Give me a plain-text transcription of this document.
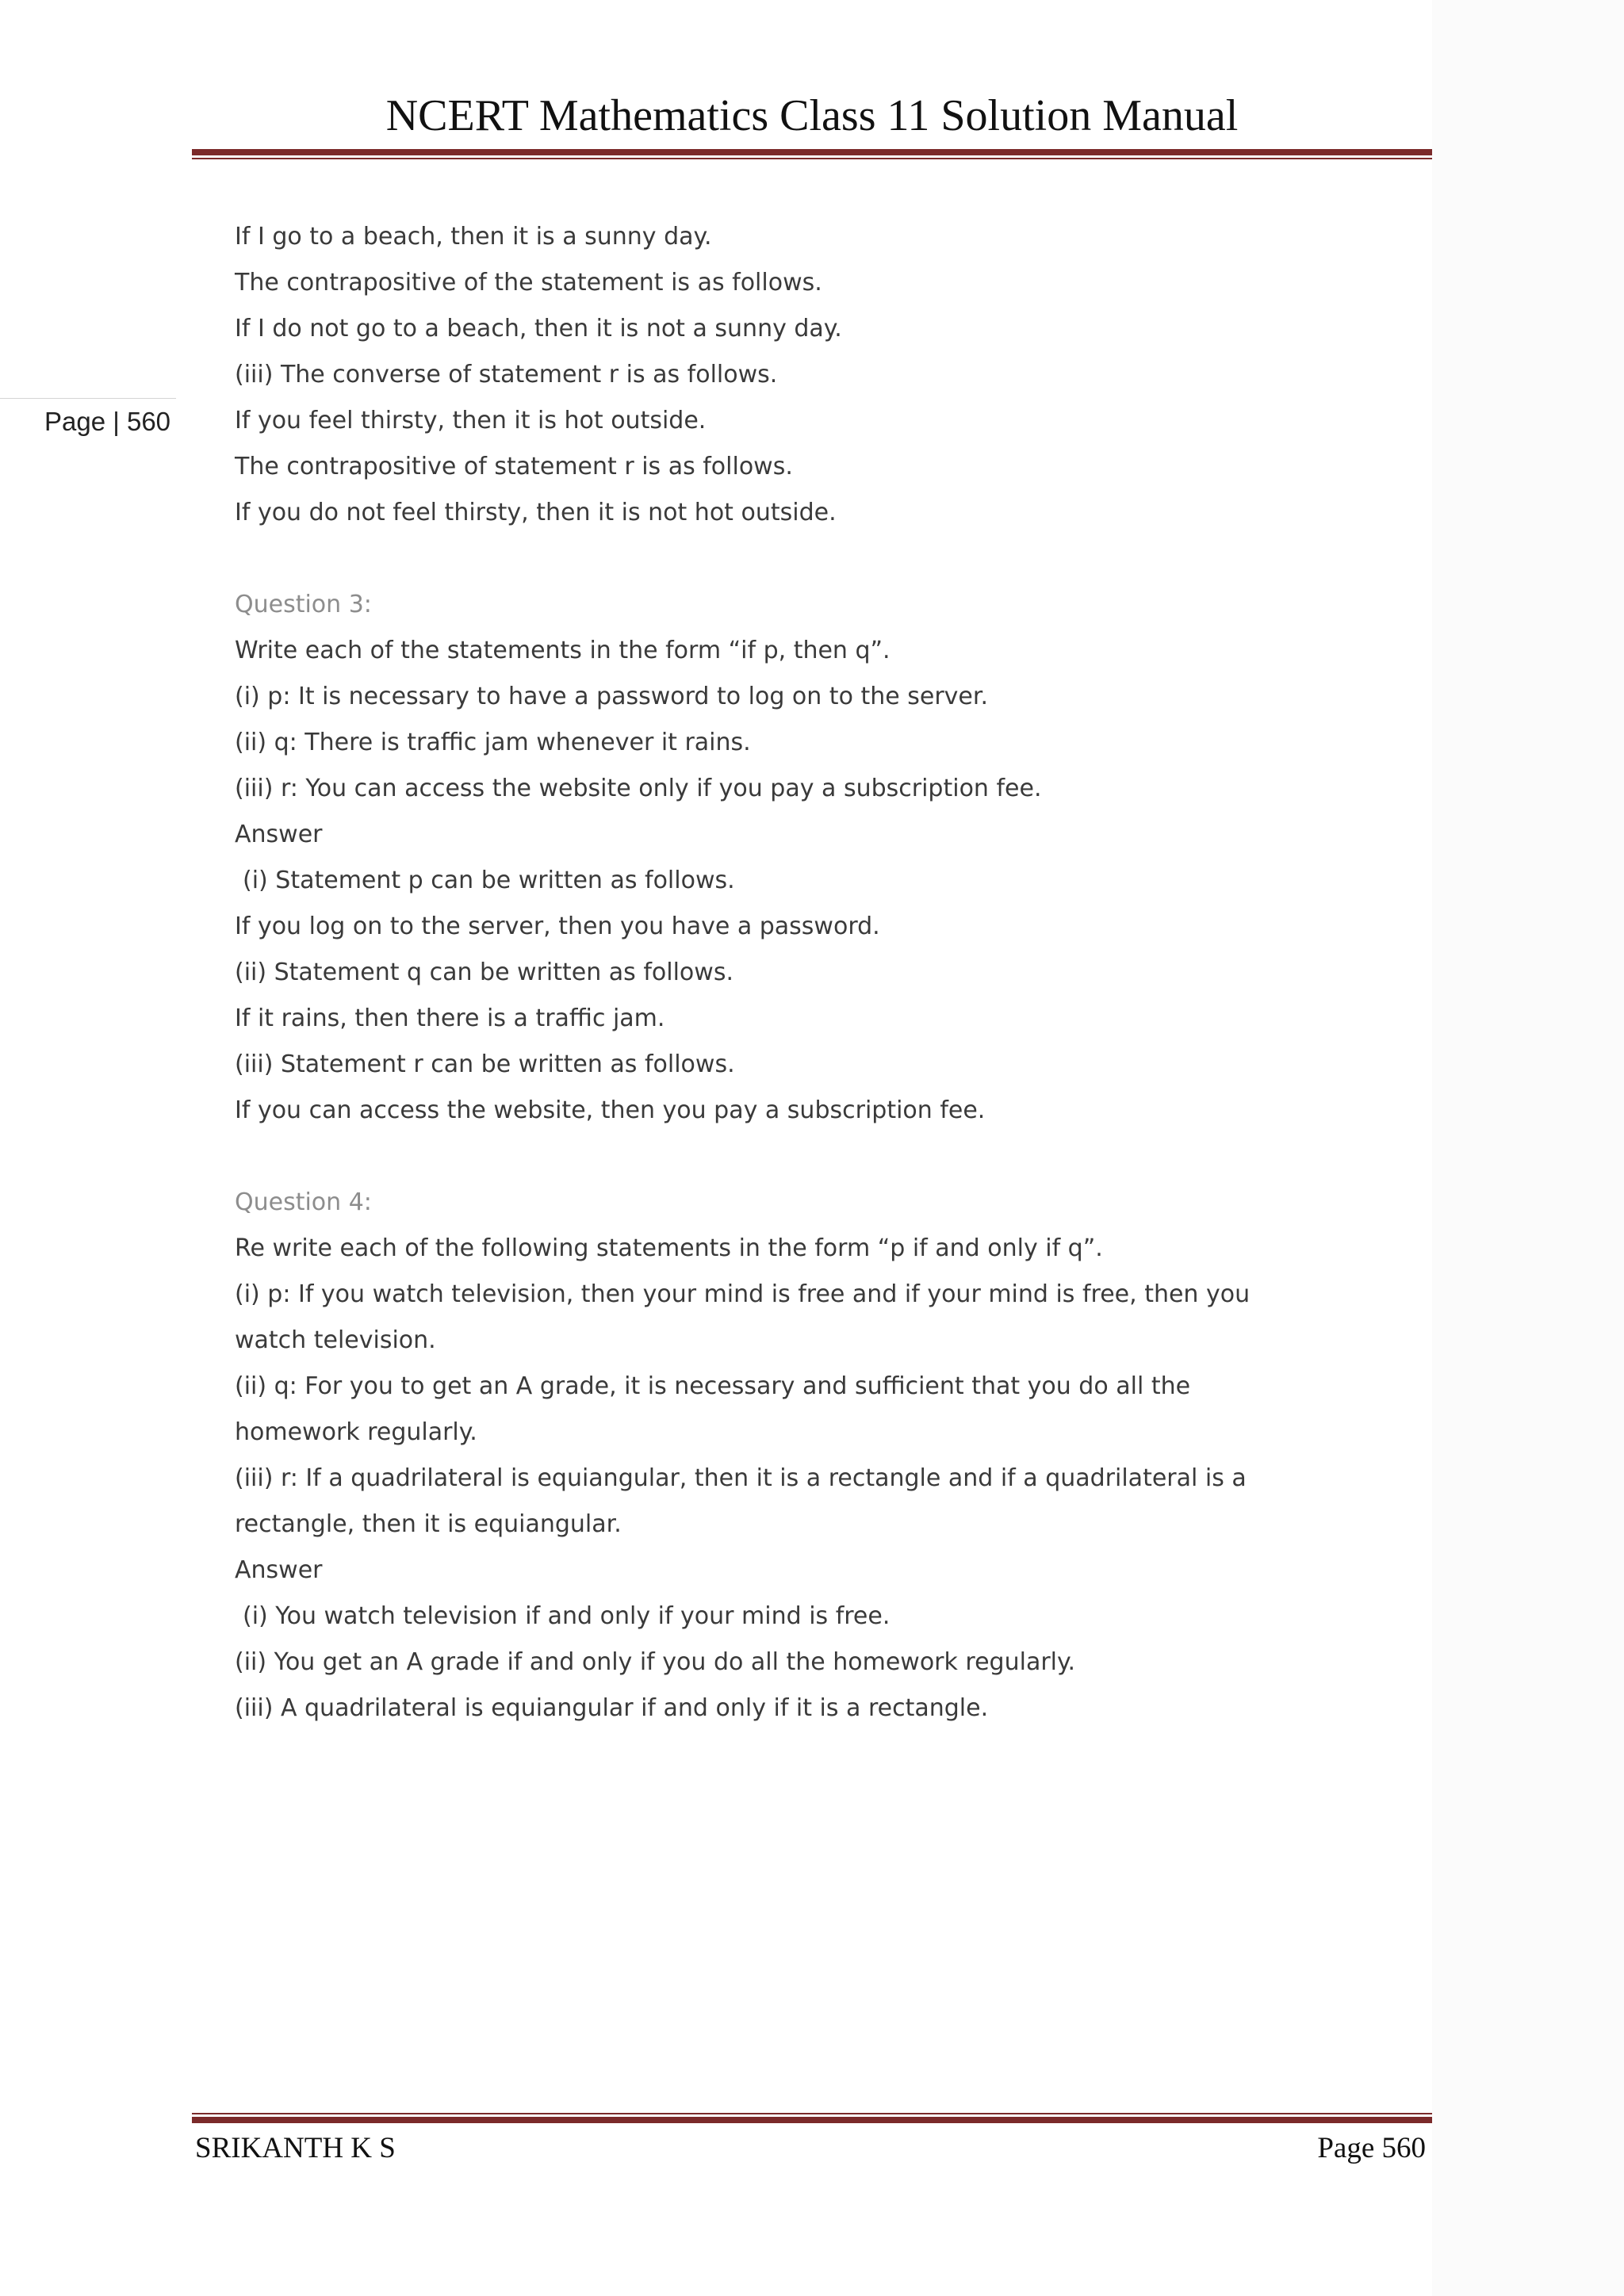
NCERT Mathematics Class 11 Solution Manual
Page | 560
If I go to a beach, then it is a sunny day.
The contrapositive of the statement is as follows.
If I do not go to a beach, then it is not a sunny day.
(iii) The converse of statement r is as follows.
If you feel thirsty, then it is hot outside.
The contrapositive of statement r is as follows.
If you do not feel thirsty, then it is not hot outside.
Question 3:
Write each of the statements in the form “if p, then q”.
(i) p: It is necessary to have a password to log on to the server.
(ii) q: There is traffic jam whenever it rains.
(iii) r: You can access the website only if you pay a subscription fee.
Answer
(i) Statement p can be written as follows.
If you log on to the server, then you have a password.
(ii) Statement q can be written as follows.
If it rains, then there is a traffic jam.
(iii) Statement r can be written as follows.
If you can access the website, then you pay a subscription fee.
Question 4:
Re write each of the following statements in the form “p if and only if q”.
(i) p: If you watch television, then your mind is free and if your mind is free, then you
watch television.
(ii) q: For you to get an A grade, it is necessary and sufficient that you do all the
homework regularly.
(iii) r: If a quadrilateral is equiangular, then it is a rectangle and if a quadrilateral is a
rectangle, then it is equiangular.
Answer
(i) You watch television if and only if your mind is free.
(ii) You get an A grade if and only if you do all the homework regularly.
(iii) A quadrilateral is equiangular if and only if it is a rectangle.
SRIKANTH K S	Page 560
